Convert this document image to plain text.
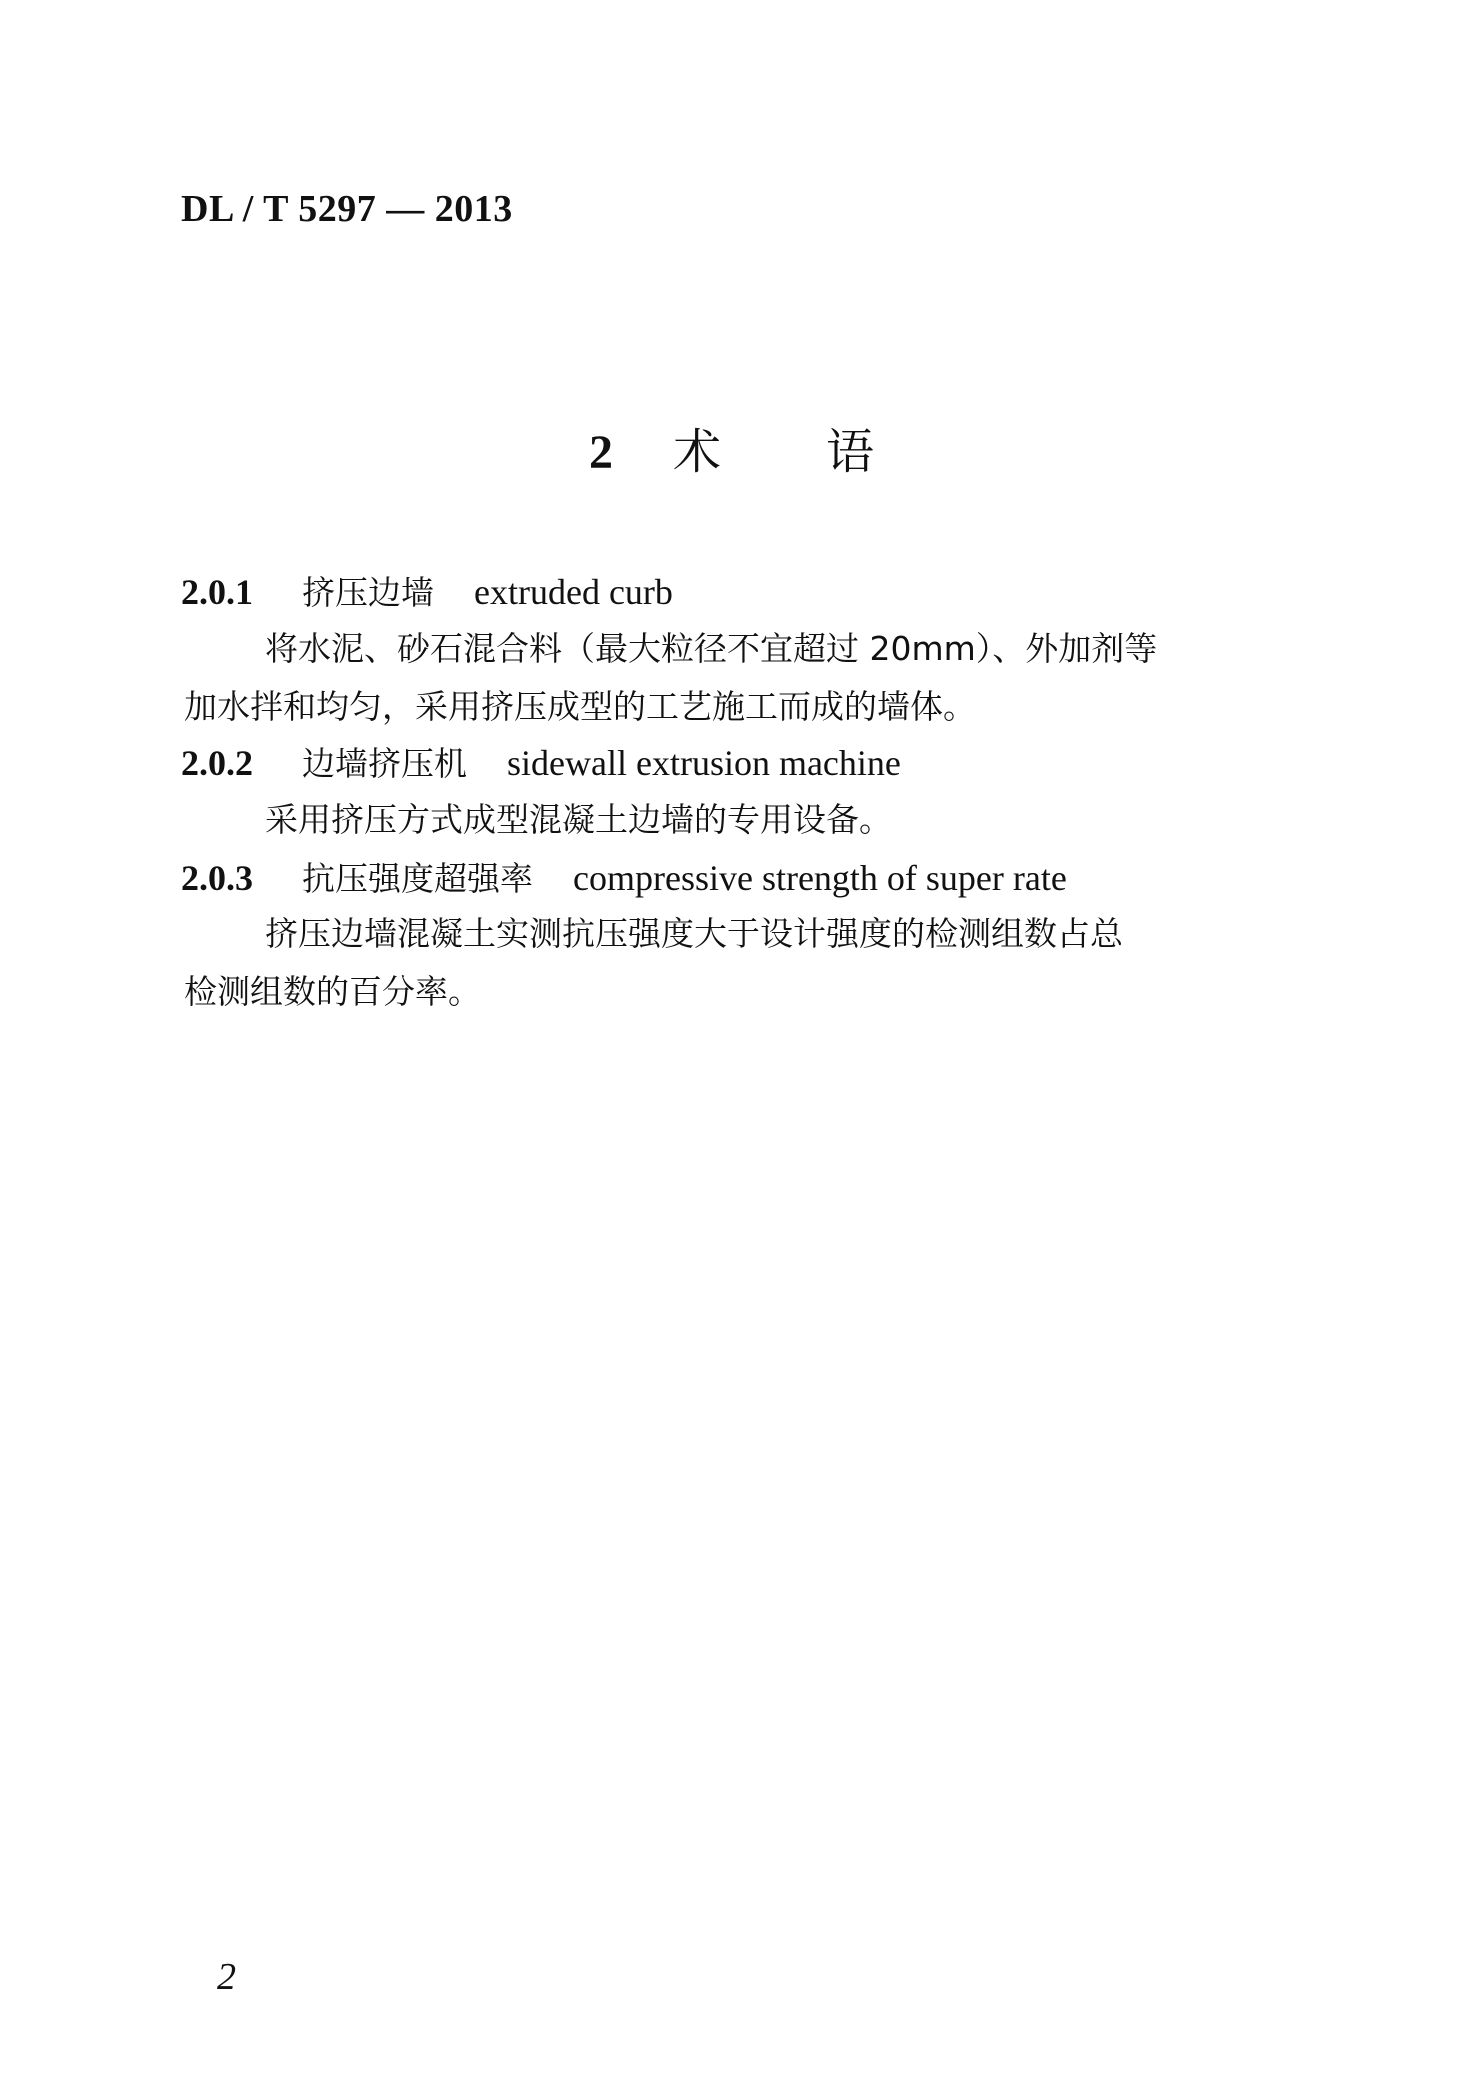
DL / T 5297 — 2013
2 术 语
2.0.1 挤压边墙 extruded curb
将水泥、砂石混合料（最大粒径不宜超过 20mm）、外加剂等
加水拌和均匀，采用挤压成型的工艺施工而成的墙体。
2.0.2 边墙挤压机 sidewall extrusion machine
采用挤压方式成型混凝土边墙的专用设备。
2.0.3 抗压强度超强率 compressive strength of super rate
挤压边墙混凝土实测抗压强度大于设计强度的检测组数占总
检测组数的百分率。
2
